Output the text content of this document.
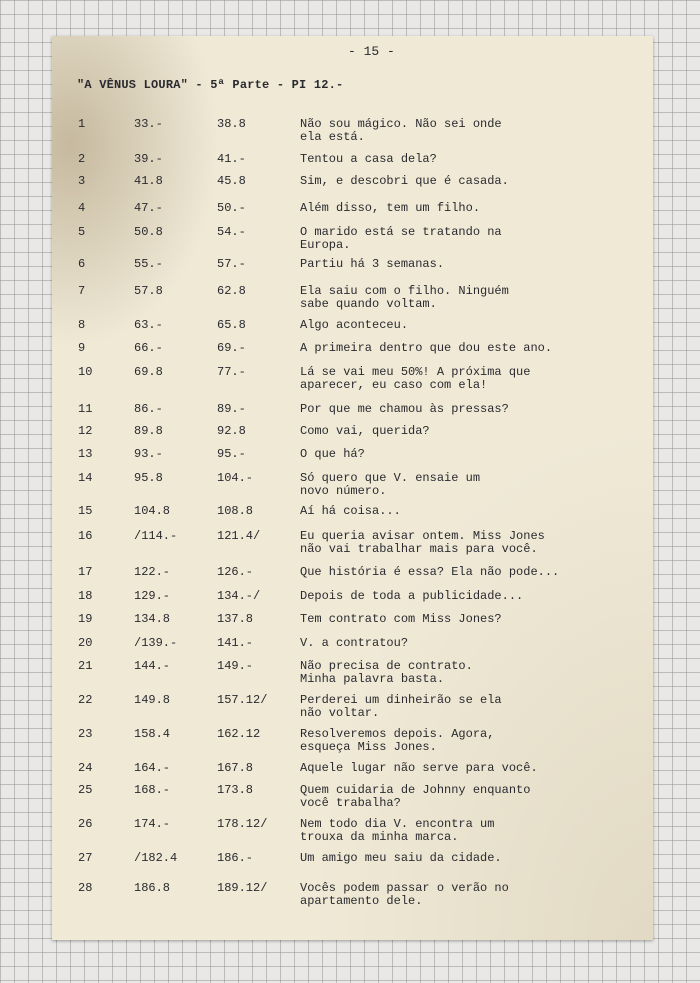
- 15 -
"A VÊNUS LOURA" - 5ª Parte - PI 12.-
1	33.-	38.8	Não sou mágico. Não sei onde
ela está.
2	39.-	41.-	Tentou a casa dela?
3	41.8	45.8	Sim, e descobri que é casada.
4	47.-	50.-	Além disso, tem um filho.
5	50.8	54.-	O marido está se tratando na
Europa.
6	55.-	57.-	Partiu há 3 semanas.
7	57.8	62.8	Ela saiu com o filho. Ninguém
sabe quando voltam.
8	63.-	65.8	Algo aconteceu.
9	66.-	69.-	A primeira dentro que dou este ano.
10	69.8	77.-	Lá se vai meu 50%! A próxima que
aparecer, eu caso com ela!
11	86.-	89.-	Por que me chamou às pressas?
12	89.8	92.8	Como vai, querida?
13	93.-	95.-	O que há?
14	95.8	104.-	Só quero que V. ensaie um
novo número.
15	104.8	108.8	Aí há coisa...
16	/114.-	121.4/	Eu queria avisar ontem. Miss Jones
não vai trabalhar mais para você.
17	122.-	126.-	Que história é essa? Ela não pode...
18	129.-	134.-/	Depois de toda a publicidade...
19	134.8	137.8	Tem contrato com Miss Jones?
20	/139.-	141.-	V. a contratou?
21	144.-	149.-	Não precisa de contrato.
Minha palavra basta.
22	149.8	157.12/	Perderei um dinheirão se ela
não voltar.
23	158.4	162.12	Resolveremos depois. Agora,
esqueça Miss Jones.
24	164.-	167.8	Aquele lugar não serve para você.
25	168.-	173.8	Quem cuidaria de Johnny enquanto
você trabalha?
26	174.-	178.12/	Nem todo dia V. encontra um
trouxa da minha marca.
27	/182.4	186.-	Um amigo meu saiu da cidade.
28	186.8	189.12/	Vocês podem passar o verão no
apartamento dele.
